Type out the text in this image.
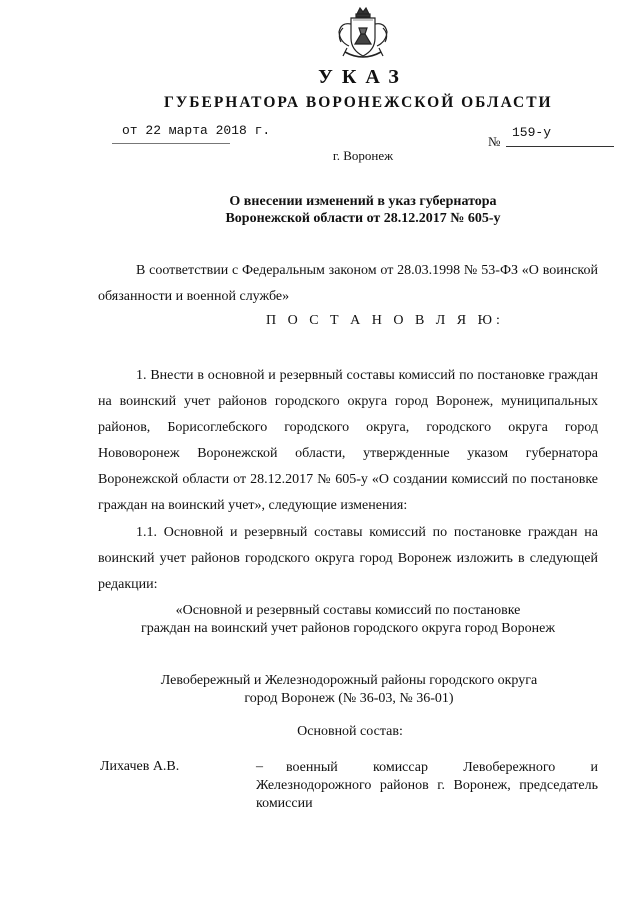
УКАЗ
ГУБЕРНАТОРА ВОРОНЕЖСКОЙ ОБЛАСТИ
от 22 марта 2018 г.	159-у
№
г. Воронеж
О внесении изменений в указ губернатора
Воронежской области от 28.12.2017 № 605-у
В соответствии с Федеральным законом от 28.03.1998 № 53-ФЗ «О воинской обязанности и военной службе»
П О С Т А Н О В Л Я Ю:
1. Внести в основной и резервный составы комиссий по постановке граждан на воинский учет районов городского округа город Воронеж, муниципальных районов, Борисоглебского городского округа, городского округа город Нововоронеж Воронежской области, утвержденные указом губернатора Воронежской области от 28.12.2017 № 605-у «О создании комиссий по постановке граждан на воинский учет», следующие изменения:
1.1. Основной и резервный составы комиссий по постановке граждан на воинский учет районов городского округа город Воронеж изложить в следующей редакции:
«Основной и резервный составы комиссий по постановке
граждан на воинский учет районов городского округа город Воронеж
Левобережный и Железнодорожный районы городского округа
город Воронеж (№ 36-03, № 36-01)
Основной состав:
Лихачев А.В.	–	военный комиссар Левобережного и Железнодорожного районов г. Воронеж, председатель комиссии
